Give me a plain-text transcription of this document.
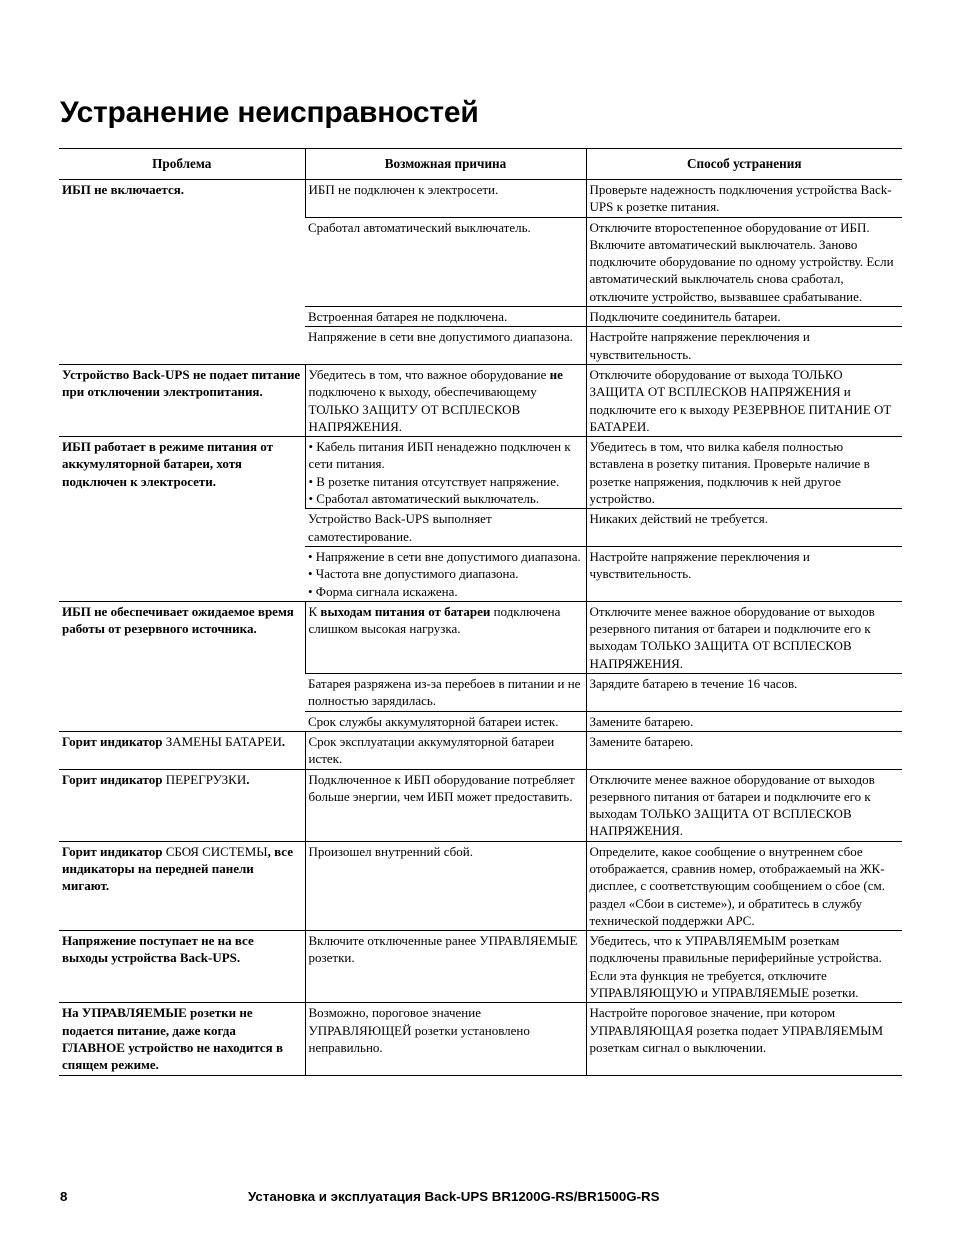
Устранение неисправностей
Проблема	Возможная причина	Способ устранения
ИБП не включается.	ИБП не подключен к электросети.	Проверьте надежность подключения устройства Back-UPS к розетке питания.
	Сработал автоматический выключатель.	Отключите второстепенное оборудование от ИБП. Включите автоматический выключатель. Заново подключите оборудование по одному устройству. Если автоматический выключатель снова сработал, отключите устройство, вызвавшее срабатывание.
	Встроенная батарея не подключена.	Подключите соединитель батареи.
	Напряжение в сети вне допустимого диапазона.	Настройте напряжение переключения и чувствительность.
Устройство Back-UPS не подает питание при отключении электропитания.	Убедитесь в том, что важное оборудование не подключено к выходу, обеспечивающему ТОЛЬКО ЗАЩИТУ ОТ ВСПЛЕСКОВ НАПРЯЖЕНИЯ.	Отключите оборудование от выхода ТОЛЬКО ЗАЩИТА ОТ ВСПЛЕСКОВ НАПРЯЖЕНИЯ и подключите его к выходу РЕЗЕРВНОЕ ПИТАНИЕ ОТ БАТАРЕИ.
ИБП работает в режиме питания от аккумуляторной батареи, хотя подключен к электросети.	• Кабель питания ИБП ненадежно подключен к сети питания.
• В розетке питания отсутствует напряжение.
• Сработал автоматический выключатель.	Убедитесь в том, что вилка кабеля полностью вставлена в розетку питания. Проверьте наличие в розетке напряжения, подключив к ней другое устройство.
	Устройство Back-UPS выполняет самотестирование.	Никаких действий не требуется.

	• Напряжение в сети вне допустимого диапазона.
• Частота вне допустимого диапазона.
• Форма сигнала искажена.	Настройте напряжение переключения и чувствительность.
ИБП не обеспечивает ожидаемое время работы от резервного источника.	К выходам питания от батареи подключена слишком высокая нагрузка.	Отключите менее важное оборудование от выходов резервного питания от батареи и подключите его к выходам ТОЛЬКО ЗАЩИТА ОТ ВСПЛЕСКОВ НАПРЯЖЕНИЯ.
	Батарея разряжена из-за перебоев в питании и не полностью зарядилась.	Зарядите батарею в течение 16 часов.
	Срок службы аккумуляторной батареи истек.	Замените батарею.
Горит индикатор ЗАМЕНЫ БАТАРЕИ.	Срок эксплуатации аккумуляторной батареи истек.	Замените батарею.
Горит индикатор ПЕРЕГРУЗКИ.	Подключенное к ИБП оборудование потребляет больше энергии, чем ИБП может предоставить.	Отключите менее важное оборудование от выходов резервного питания от батареи и подключите его к выходам ТОЛЬКО ЗАЩИТА ОТ ВСПЛЕСКОВ НАПРЯЖЕНИЯ.
Горит индикатор СБОЯ СИСТЕМЫ, все индикаторы на передней панели мигают.	Произошел внутренний сбой.	Определите, какое сообщение о внутреннем сбое отображается, сравнив номер, отображаемый на ЖК-дисплее, с соответствующим сообщением о сбое (см. раздел «Сбои в системе»), и обратитесь в службу технической поддержки APC.
Напряжение поступает не на все выходы устройства Back-UPS.	Включите отключенные ранее УПРАВЛЯЕМЫЕ розетки.	Убедитесь, что к УПРАВЛЯЕМЫМ розеткам подключены правильные периферийные устройства. Если эта функция не требуется, отключите УПРАВЛЯЮЩУЮ и УПРАВЛЯЕМЫЕ розетки.
На УПРАВЛЯЕМЫЕ розетки не подается питание, даже когда ГЛАВНОЕ устройство не находится в спящем режиме.	Возможно, пороговое значение УПРАВЛЯЮЩЕЙ розетки установлено неправильно.	Настройте пороговое значение, при котором УПРАВЛЯЮЩАЯ розетка подает УПРАВЛЯЕМЫМ розеткам сигнал о выключении.
8	Установка и эксплуатация Back-UPS BR1200G-RS/BR1500G-RS
